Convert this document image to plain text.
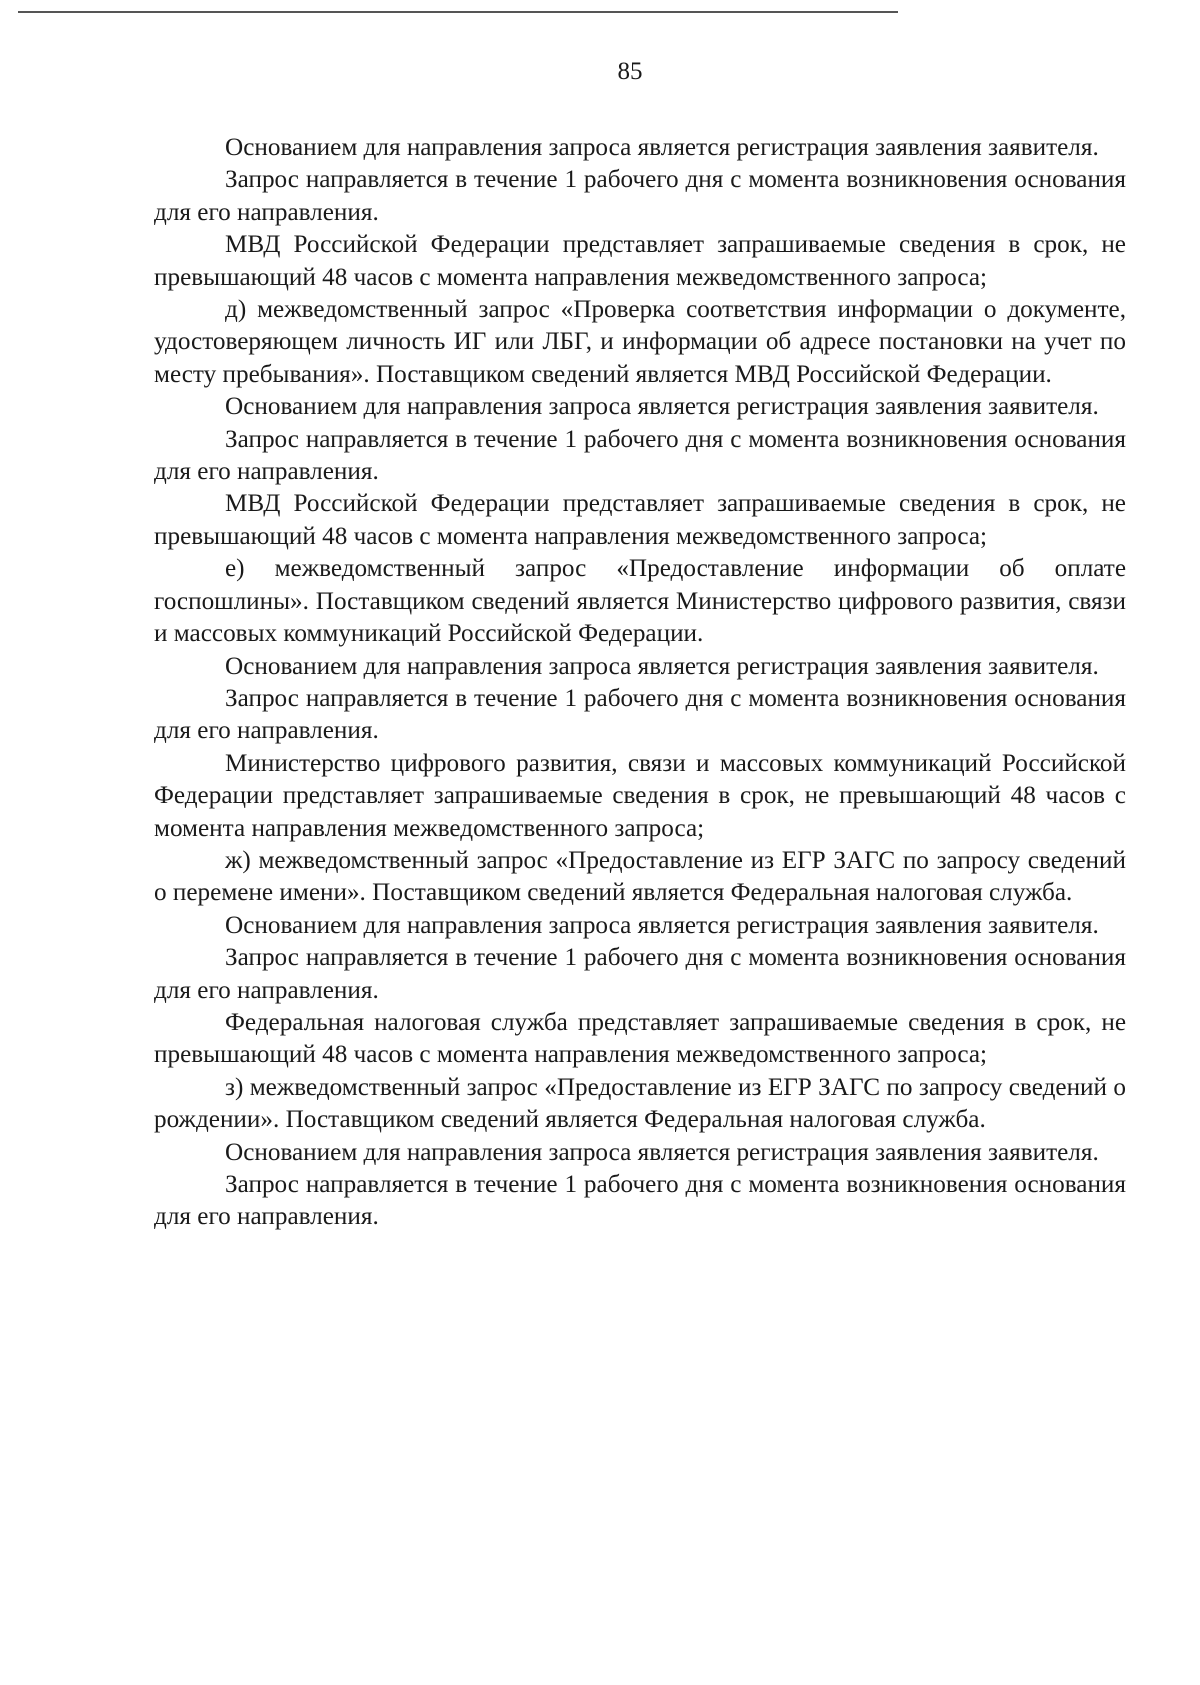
85

Основанием для направления запроса является регистрация заявления заявителя.

Запрос направляется в течение 1 рабочего дня с момента возникновения основания для его направления.

МВД Российской Федерации представляет запрашиваемые сведения в срок, не превышающий 48 часов с момента направления межведомственного запроса;

д) межведомственный запрос «Проверка соответствия информации о документе, удостоверяющем личность ИГ или ЛБГ, и информации об адресе постановки на учет по месту пребывания». Поставщиком сведений является МВД Российской Федерации.

Основанием для направления запроса является регистрация заявления заявителя.

Запрос направляется в течение 1 рабочего дня с момента возникновения основания для его направления.

МВД Российской Федерации представляет запрашиваемые сведения в срок, не превышающий 48 часов с момента направления межведомственного запроса;

е) межведомственный запрос «Предоставление информации об оплате госпошлины». Поставщиком сведений является Министерство цифрового развития, связи и массовых коммуникаций Российской Федерации.

Основанием для направления запроса является регистрация заявления заявителя.

Запрос направляется в течение 1 рабочего дня с момента возникновения основания для его направления.

Министерство цифрового развития, связи и массовых коммуникаций Российской Федерации представляет запрашиваемые сведения в срок, не превышающий 48 часов с момента направления межведомственного запроса;

ж) межведомственный запрос «Предоставление из ЕГР ЗАГС по запросу сведений о перемене имени». Поставщиком сведений является Федеральная налоговая служба.

Основанием для направления запроса является регистрация заявления заявителя.

Запрос направляется в течение 1 рабочего дня с момента возникновения основания для его направления.

Федеральная налоговая служба представляет запрашиваемые сведения в срок, не превышающий 48 часов с момента направления межведомственного запроса;

з) межведомственный запрос «Предоставление из ЕГР ЗАГС по запросу сведений о рождении». Поставщиком сведений является Федеральная налоговая служба.

Основанием для направления запроса является регистрация заявления заявителя.

Запрос направляется в течение 1 рабочего дня с момента возникновения основания для его направления.
